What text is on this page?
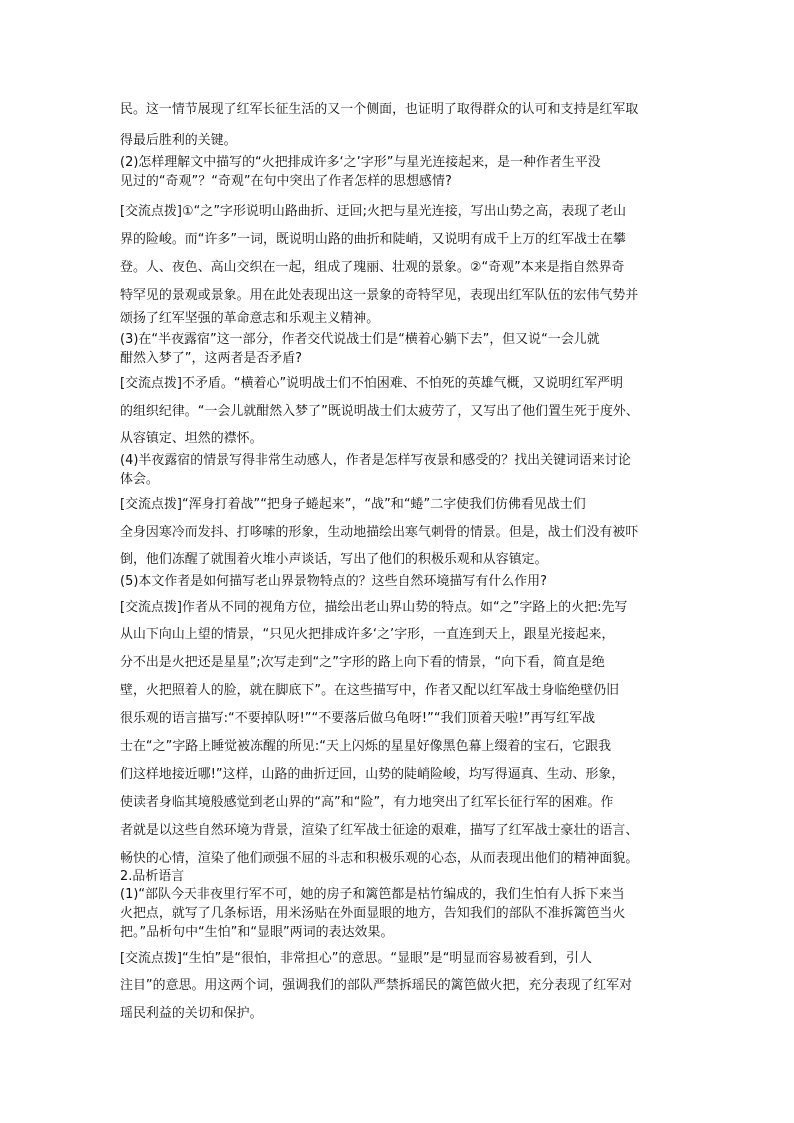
民。这一情节展现了红军长征生活的又一个侧面，也证明了取得群众的认可和支持是红军取
得最后胜利的关键。
(2)怎样理解文中描写的“火把排成许多‘之’字形”与星光连接起来，是一种作者生平没
见过的“奇观”？“奇观”在句中突出了作者怎样的思想感情?
[交流点拨]①“之”字形说明山路曲折、迂回;火把与星光连接，写出山势之高，表现了老山
界的险峻。而“许多”一词，既说明山路的曲折和陡峭，又说明有成千上万的红军战士在攀
登。人、夜色、高山交织在一起，组成了瑰丽、壮观的景象。②“奇观”本来是指自然界奇
特罕见的景观或景象。用在此处表现出这一景象的奇特罕见，表现出红军队伍的宏伟气势并
颂扬了红军坚强的革命意志和乐观主义精神。
(3)在“半夜露宿”这一部分，作者交代说战士们是“横着心躺下去”，但又说“一会儿就
酣然入梦了”，这两者是否矛盾?
[交流点拨]不矛盾。“横着心”说明战士们不怕困难、不怕死的英雄气概，又说明红军严明
的组织纪律。“一会儿就酣然入梦了”既说明战士们太疲劳了，又写出了他们置生死于度外、
从容镇定、坦然的襟怀。
(4)半夜露宿的情景写得非常生动感人，作者是怎样写夜景和感受的？找出关键词语来讨论
体会。
[交流点拨]“浑身打着战”“把身子蜷起来”，“战”和“蜷”二字使我们仿佛看见战士们
全身因寒冷而发抖、打哆嗦的形象，生动地描绘出寒气刺骨的情景。但是，战士们没有被吓
倒，他们冻醒了就围着火堆小声谈话，写出了他们的积极乐观和从容镇定。
(5)本文作者是如何描写老山界景物特点的？这些自然环境描写有什么作用?
[交流点拨]作者从不同的视角方位，描绘出老山界山势的特点。如“之”字路上的火把:先写
从山下向山上望的情景，“只见火把排成许多‘之’字形，一直连到天上，跟星光接起来，
分不出是火把还是星星”;次写走到“之”字形的路上向下看的情景，“向下看，简直是绝
壁，火把照着人的脸，就在脚底下”。在这些描写中，作者又配以红军战士身临绝壁仍旧
很乐观的语言描写:“不要掉队呀!”“不要落后做乌龟呀!”“我们顶着天啦!”再写红军战
士在“之”字路上睡觉被冻醒的所见:“天上闪烁的星星好像黑色幕上缀着的宝石，它跟我
们这样地接近哪!”这样，山路的曲折迂回，山势的陡峭险峻，均写得逼真、生动、形象，
使读者身临其境般感觉到老山界的“高”和“险”，有力地突出了红军长征行军的困难。作
者就是以这些自然环境为背景，渲染了红军战士征途的艰难，描写了红军战士豪壮的语言、
畅快的心情，渲染了他们顽强不屈的斗志和积极乐观的心态，从而表现出他们的精神面貌。
2.品析语言
(1)“部队今天非夜里行军不可，她的房子和篱笆都是枯竹编成的，我们生怕有人拆下来当
火把点，就写了几条标语，用米汤贴在外面显眼的地方，告知我们的部队不准拆篱笆当火
把。”品析句中“生怕”和“显眼”两词的表达效果。
[交流点拨]“生怕”是“很怕，非常担心”的意思。“显眼”是“明显而容易被看到，引人
注目”的意思。用这两个词，强调我们的部队严禁拆瑶民的篱笆做火把，充分表现了红军对
瑶民利益的关切和保护。
